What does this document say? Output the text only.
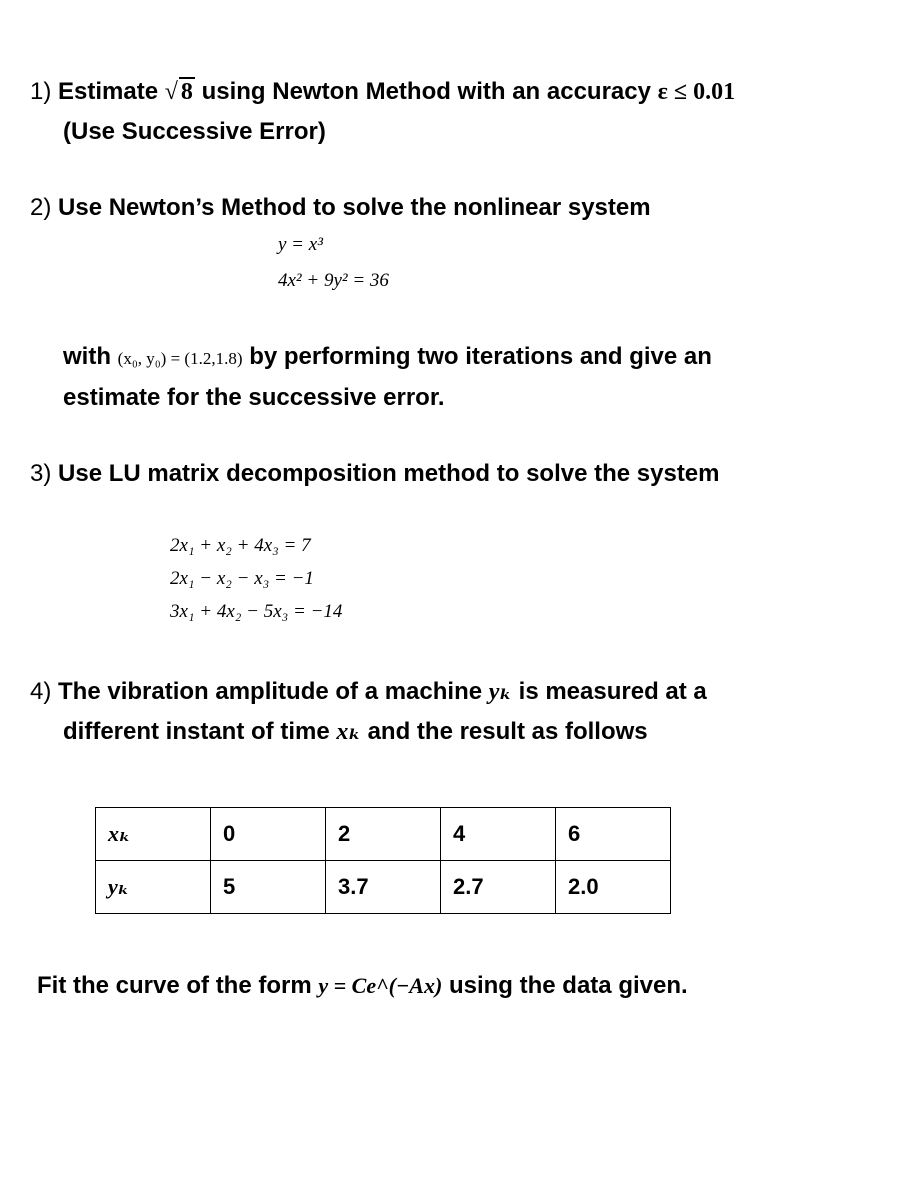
1) Estimate √ 8 using Newton Method with an accuracy ε ≤ 0.01
(Use Successive Error)
2) Use Newton’s Method to solve the nonlinear system
y = x³
4x² + 9y² = 36
with (x₀, y₀) = (1.2,1.8) by performing two iterations and give an
estimate for the successive error.
3) Use LU matrix decomposition method to solve the system
2x₁ + x₂ + 4x₃ = 7
2x₁ − x₂ − x₃ = −1
3x₁ + 4x₂ − 5x₃ = −14
4) The vibration amplitude of a machine yₖ is measured at a
different instant of time xₖ and the result as follows
xₖ	0	2	4	6
yₖ	5	3.7	2.7	2.0
Fit the curve of the form y = Ce^(−Ax) using the data given.
